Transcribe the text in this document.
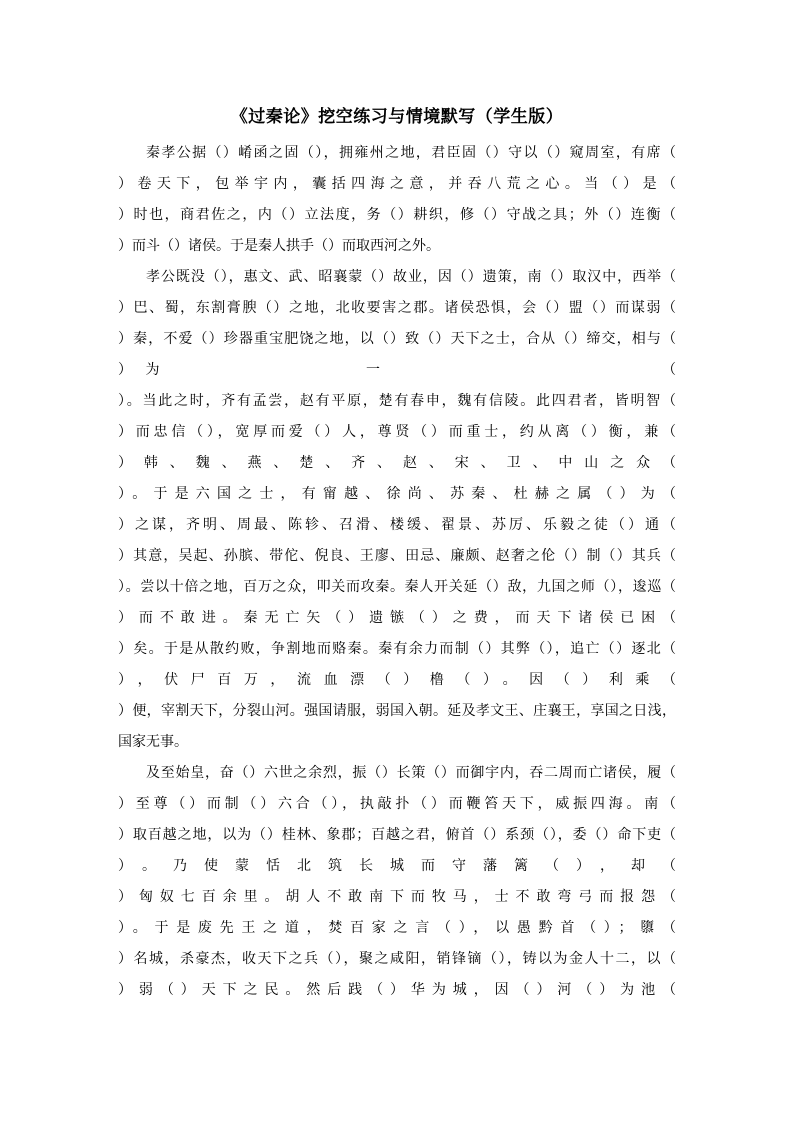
《过秦论》挖空练习与情境默写（学生版）

秦孝公据（）崤函之固（），拥雍州之地，君臣固（）守以（）窥周室，有席（

）卷天下，包举宇内，囊括四海之意，并吞八荒之心。当（）是（

）时也，商君佐之，内（）立法度，务（）耕织，修（）守战之具；外（）连衡（

）而斗（）诸侯。于是秦人拱手（）而取西河之外。

孝公既没（），惠文、武、昭襄蒙（）故业，因（）遗策，南（）取汉中，西举（

）巴、蜀，东割膏腴（）之地，北收要害之郡。诸侯恐惧，会（）盟（）而谋弱（

）秦，不爱（）珍器重宝肥饶之地，以（）致（）天下之士，合从（）缔交，相与（

）为　　　　　　　一　　　　　　　　　　（

）。当此之时，齐有孟尝，赵有平原，楚有春申，魏有信陵。此四君者，皆明智（

）而忠信（），宽厚而爱（）人，尊贤（）而重士，约从离（）衡，兼（

）韩、魏、燕、楚、齐、赵、宋、卫、中山之众（

）。于是六国之士，有甯越、徐尚、苏秦、杜赫之属（）为（

）之谋，齐明、周最、陈轸、召滑、楼缓、翟景、苏厉、乐毅之徒（）通（

）其意，吴起、孙膑、带佗、倪良、王廖、田忌、廉颇、赵奢之伦（）制（）其兵（

）。尝以十倍之地，百万之众，叩关而攻秦。秦人开关延（）敌，九国之师（），逡巡（

）而不敢进。秦无亡矢（）遗镞（）之费，而天下诸侯已困（

）矣。于是从散约败，争割地而赂秦。秦有余力而制（）其弊（），追亡（）逐北（

），伏尸百万，流血漂（）橹（）。因（）利乘（

）便，宰割天下，分裂山河。强国请服，弱国入朝。延及孝文王、庄襄王，享国之日浅，

国家无事。

及至始皇，奋（）六世之余烈，振（）长策（）而御宇内，吞二周而亡诸侯，履（

）至尊（）而制（）六合（），执敲扑（）而鞭笞天下，威振四海。南（

）取百越之地，以为（）桂林、象郡；百越之君，俯首（）系颈（），委（）命下吏（

）。乃使蒙恬北筑长城而守藩篱（），却（

）匈奴七百余里。胡人不敢南下而牧马，士不敢弯弓而报怨（

）。于是废先王之道，焚百家之言（），以愚黔首（）；隳（

）名城，杀豪杰，收天下之兵（），聚之咸阳，销锋镝（），铸以为金人十二，以（

）弱（）天下之民。然后践（）华为城，因（）河（）为池（
